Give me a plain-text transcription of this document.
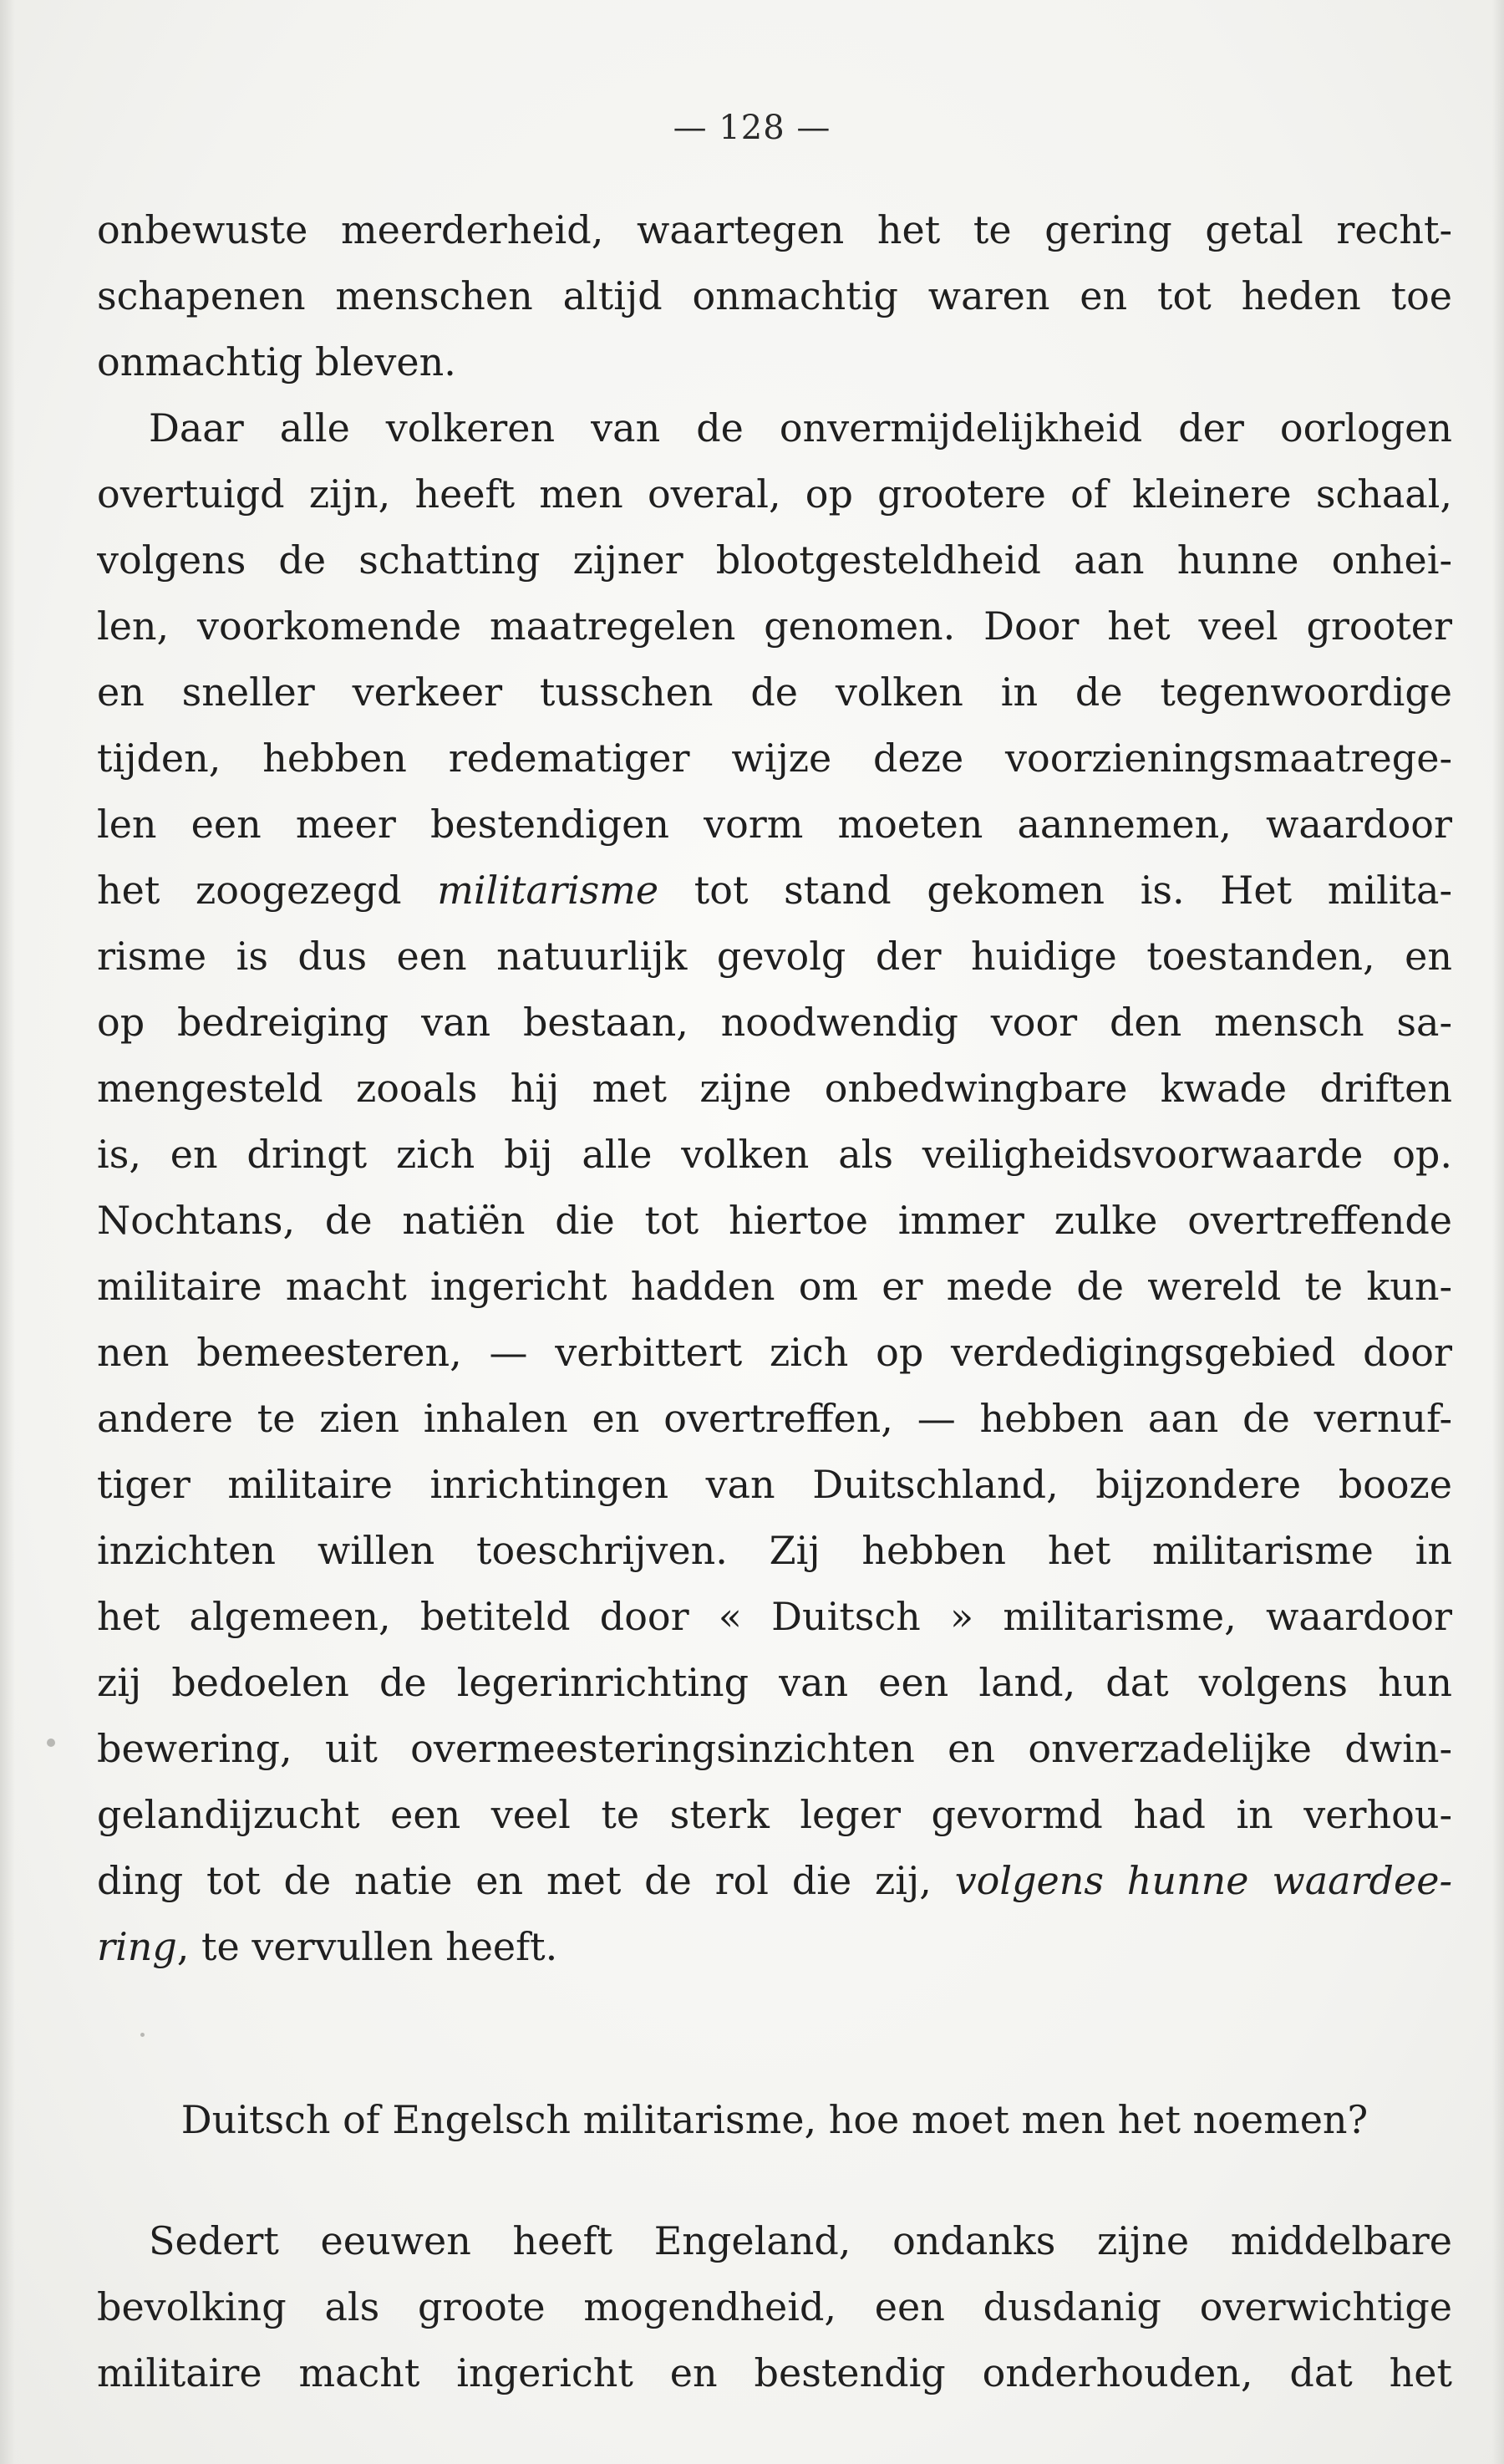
— 128 —
onbewuste meerderheid, waartegen het te gering getal recht-
schapenen menschen altijd onmachtig waren en tot heden toe
onmachtig bleven.
Daar alle volkeren van de onvermijdelijkheid der oorlogen
overtuigd zijn, heeft men overal, op grootere of kleinere schaal,
volgens de schatting zijner blootgesteldheid aan hunne onhei-
len, voorkomende maatregelen genomen. Door het veel grooter
en sneller verkeer tusschen de volken in de tegenwoordige
tijden, hebben redematiger wijze deze voorzieningsmaatrege-
len een meer bestendigen vorm moeten aannemen, waardoor
het zoogezegd militarisme tot stand gekomen is. Het milita-
risme is dus een natuurlijk gevolg der huidige toestanden, en
op bedreiging van bestaan, noodwendig voor den mensch sa-
mengesteld zooals hij met zijne onbedwingbare kwade driften
is, en dringt zich bij alle volken als veiligheidsvoorwaarde op.
Nochtans, de natiën die tot hiertoe immer zulke overtreffende
militaire macht ingericht hadden om er mede de wereld te kun-
nen bemeesteren, — verbittert zich op verdedigingsgebied door
andere te zien inhalen en overtreffen, — hebben aan de vernuf-
tiger militaire inrichtingen van Duitschland, bijzondere booze
inzichten willen toeschrijven. Zij hebben het militarisme in
het algemeen, betiteld door « Duitsch » militarisme, waardoor
zij bedoelen de legerinrichting van een land, dat volgens hun
bewering, uit overmeesteringsinzichten en onverzadelijke dwin-
gelandijzucht een veel te sterk leger gevormd had in verhou-
ding tot de natie en met de rol die zij, volgens hunne waardee-
ring, te vervullen heeft.
Duitsch of Engelsch militarisme, hoe moet men het noemen?
Sedert eeuwen heeft Engeland, ondanks zijne middelbare
bevolking als groote mogendheid, een dusdanig overwichtige
militaire macht ingericht en bestendig onderhouden, dat het
